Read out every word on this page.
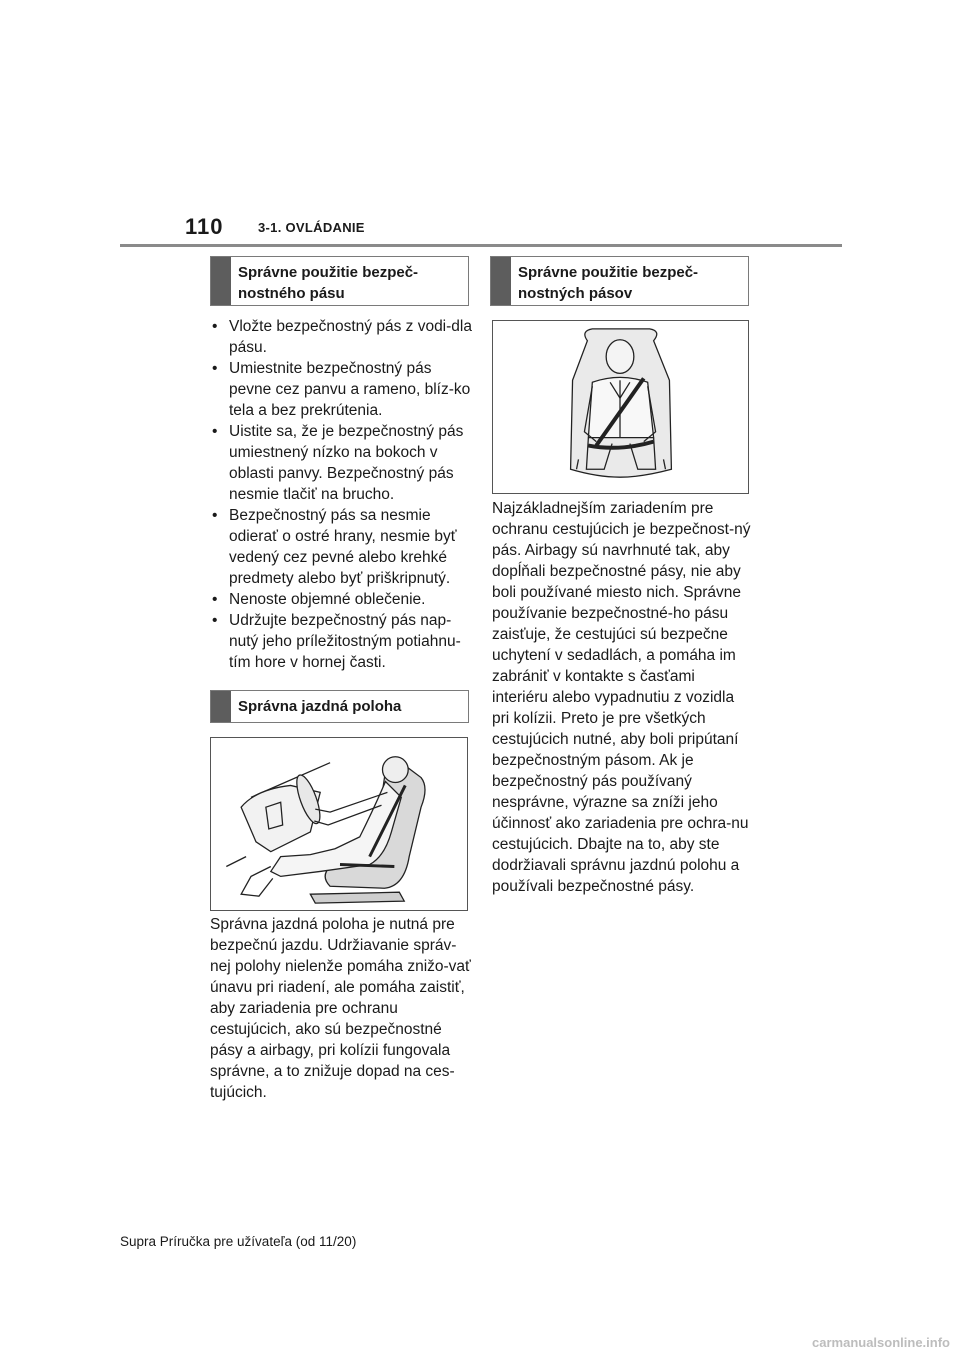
110	3-1. OVLÁDANIE
Správne použitie bezpeč-nostného pásu
• Vložte bezpečnostný pás z vodi-dla pásu.
• Umiestnite bezpečnostný pás pevne cez panvu a rameno, blíz-ko tela a bez prekrútenia.
• Uistite sa, že je bezpečnostný pás umiestnený nízko na bokoch v oblasti panvy. Bezpečnostný pás nesmie tlačiť na brucho.
• Bezpečnostný pás sa nesmie odierať o ostré hrany, nesmie byť vedený cez pevné alebo krehké predmety alebo byť priškripnutý.
• Nenoste objemné oblečenie.
• Udržujte bezpečnostný pás nap-nutý jeho príležitostným potiahnu-tím hore v hornej časti.
Správna jazdná poloha

Správna jazdná poloha je nutná pre bezpečnú jazdu. Udržiavanie správ-nej polohy nielenže pomáha znižo-vať únavu pri riadení, ale pomáha zaistiť, aby zariadenia pre ochranu cestujúcich, ako sú bezpečnostné pásy a airbagy, pri kolízii fungovala správne, a to znižuje dopad na ces-tujúcich.

Správne použitie bezpeč-nostných pásov

Najzákladnejším zariadením pre ochranu cestujúcich je bezpečnost-ný pás. Airbagy sú navrhnuté tak, aby dopĺňali bezpečnostné pásy, nie aby boli používané miesto nich. Správne používanie bezpečnostné-ho pásu zaisťuje, že cestujúci sú bezpečne uchytení v sedadlách, a pomáha im zabrániť v kontakte s časťami interiéru alebo vypadnutiu z vozidla pri kolízii. Preto je pre všetkých cestujúcich nutné, aby boli pripútaní bezpečnostným pásom. Ak je bezpečnostný pás používaný nesprávne, výrazne sa zníži jeho účinnosť ako zariadenia pre ochra-nu cestujúcich. Dbajte na to, aby ste dodržiavali správnu jazdnú polohu a používali bezpečnostné pásy.

Supra Príručka pre užívateľa (od 11/20)
carmanualsonline.info
